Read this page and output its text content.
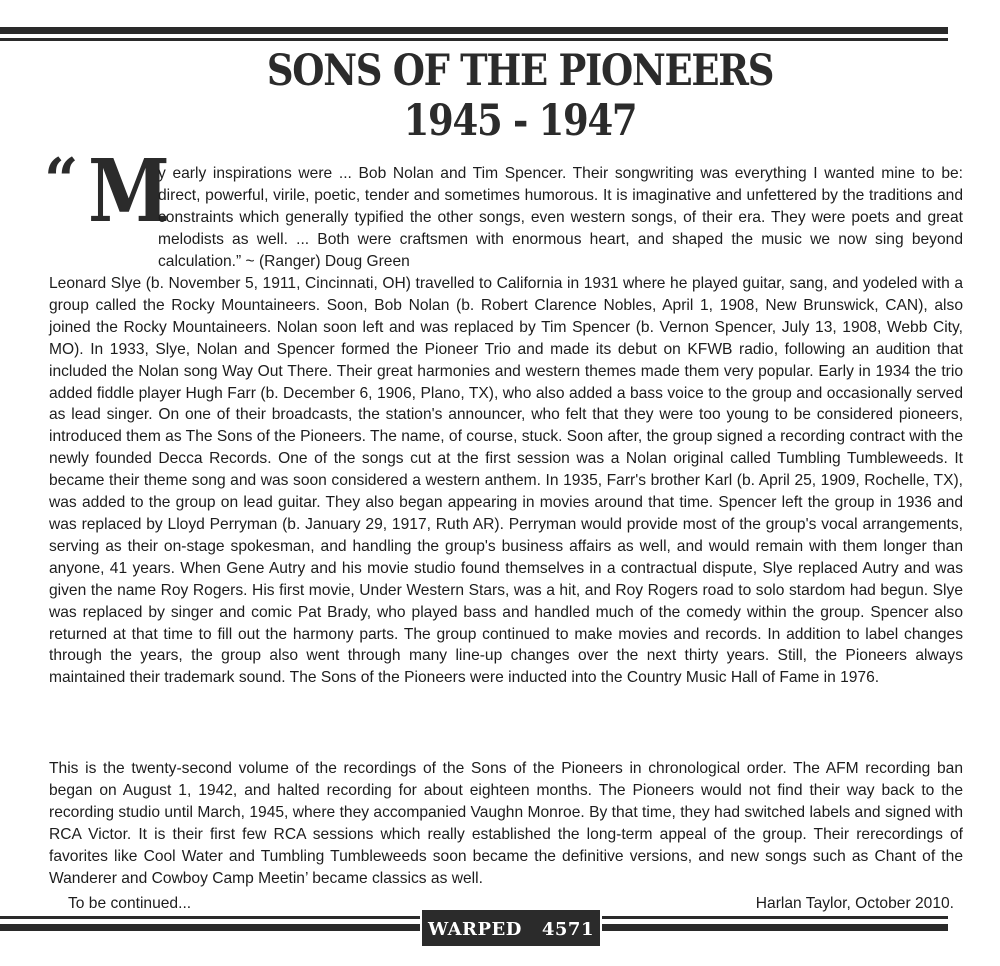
SONS OF THE PIONEERS
1945 - 1947
“ M

y early inspirations were ... Bob Nolan and Tim Spencer. Their songwriting was everything I wanted mine to be: direct, powerful, virile, poetic, tender and sometimes humorous. It is imaginative and unfettered by the traditions and constraints which generally typified the other songs, even western songs, of their era. They were poets and great melodists as well. ... Both were craftsmen with enormous heart, and shaped the music we now sing beyond calculation.” ~ (Ranger) Doug Green

Leonard Slye (b. November 5, 1911, Cincinnati, OH) travelled to California in 1931 where he played guitar, sang, and yodeled with a group called the Rocky Mountaineers. Soon, Bob Nolan (b. Robert Clarence Nobles, April 1, 1908, New Brunswick, CAN), also joined the Rocky Mountaineers. Nolan soon left and was replaced by Tim Spencer (b. Vernon Spencer, July 13, 1908, Webb City, MO). In 1933, Slye, Nolan and Spencer formed the Pioneer Trio and made its debut on KFWB radio, following an audition that included the Nolan song Way Out There. Their great harmonies and western themes made them very popular. Early in 1934 the trio added fiddle player Hugh Farr (b. December 6, 1906, Plano, TX), who also added a bass voice to the group and occasionally served as lead singer. On one of their broadcasts, the station's announcer, who felt that they were too young to be considered pioneers, introduced them as The Sons of the Pioneers. The name, of course, stuck. Soon after, the group signed a recording contract with the newly founded Decca Records. One of the songs cut at the first session was a Nolan original called Tumbling Tumbleweeds. It became their theme song and was soon considered a western anthem. In 1935, Farr's brother Karl (b. April 25, 1909, Rochelle, TX), was added to the group on lead guitar. They also began appearing in movies around that time. Spencer left the group in 1936 and was replaced by Lloyd Perryman (b. January 29, 1917, Ruth AR). Perryman would provide most of the group's vocal arrangements, serving as their on-stage spokesman, and handling the group's business affairs as well, and would remain with them longer than anyone, 41 years. When Gene Autry and his movie studio found themselves in a contractual dispute, Slye replaced Autry and was given the name Roy Rogers. His first movie, Under Western Stars, was a hit, and Roy Rogers road to solo stardom had begun. Slye was replaced by singer and comic Pat Brady, who played bass and handled much of the comedy within the group. Spencer also returned at that time to fill out the harmony parts. The group continued to make movies and records. In addition to label changes through the years, the group also went through many line-up changes over the next thirty years. Still, the Pioneers always maintained their trademark sound. The Sons of the Pioneers were inducted into the Country Music Hall of Fame in 1976.

This is the twenty-second volume of the recordings of the Sons of the Pioneers in chronological order. The AFM recording ban began on August 1, 1942, and halted recording for about eighteen months. The Pioneers would not find their way back to the recording studio until March, 1945, where they accompanied Vaughn Monroe. By that time, they had switched labels and signed with RCA Victor. It is their first few RCA sessions which really established the long-term appeal of the group. Their rerecordings of favorites like Cool Water and Tumbling Tumbleweeds soon became the definitive versions, and new songs such as Chant of the Wanderer and Cowboy Camp Meetin’ became classics as well.

To be continued...	Harlan Taylor, October 2010.
WARPED 4571
